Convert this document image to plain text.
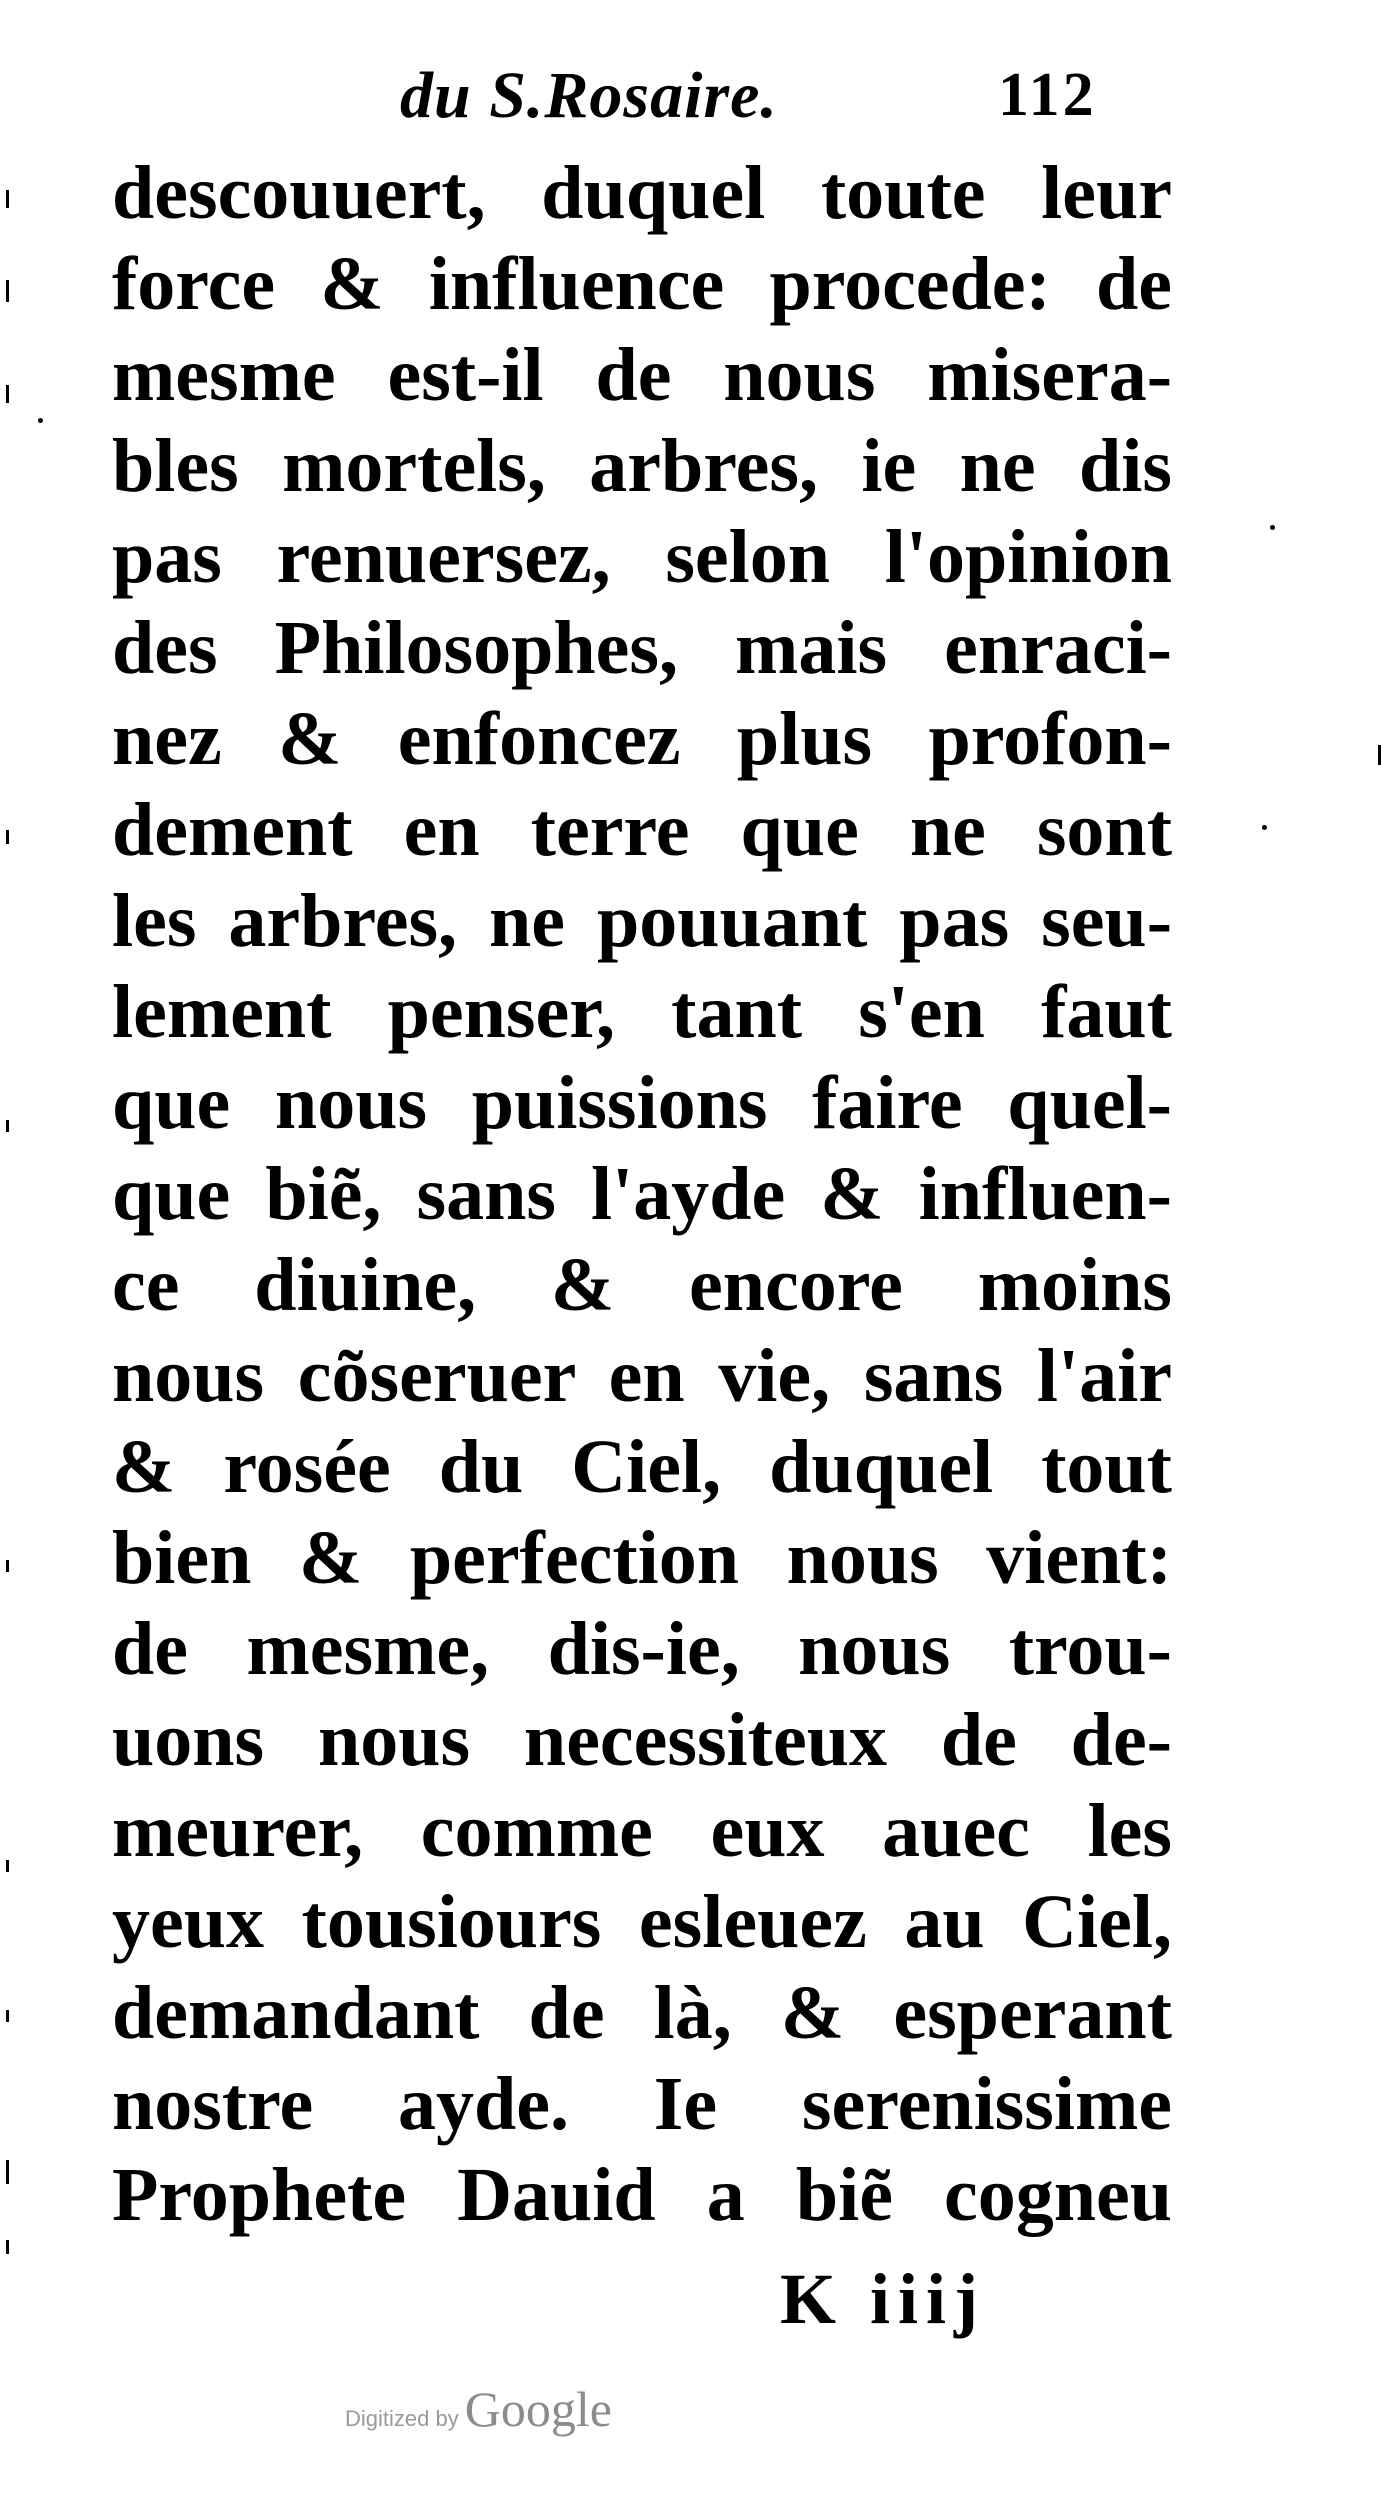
du S.Rosaire.	112
descouuert, duquel toute leur
force & influence procede: de
mesme est-il de nous misera-
bles mortels, arbres, ie ne dis
pas renuersez, selon l'opinion
des Philosophes, mais enraci-
nez & enfoncez plus profon-
dement en terre que ne sont
les arbres, ne pouuant pas seu-
lement penser, tant s'en faut
que nous puissions faire quel-
que bie͂, sans l'ayde & influen-
ce diuine, & encore moins
nous co͂seruer en vie, sans l'air
& rosée du Ciel, duquel tout
bien & perfection nous vient:
de mesme, dis-ie, nous trou-
uons nous necessiteux de de-
meurer, comme eux auec les
yeux tousiours esleuez au Ciel,
demandant de là, & esperant
nostre ayde. Ie serenissime
Prophete Dauid a bie͂ cogneu
K iiij
Digitized by Google
